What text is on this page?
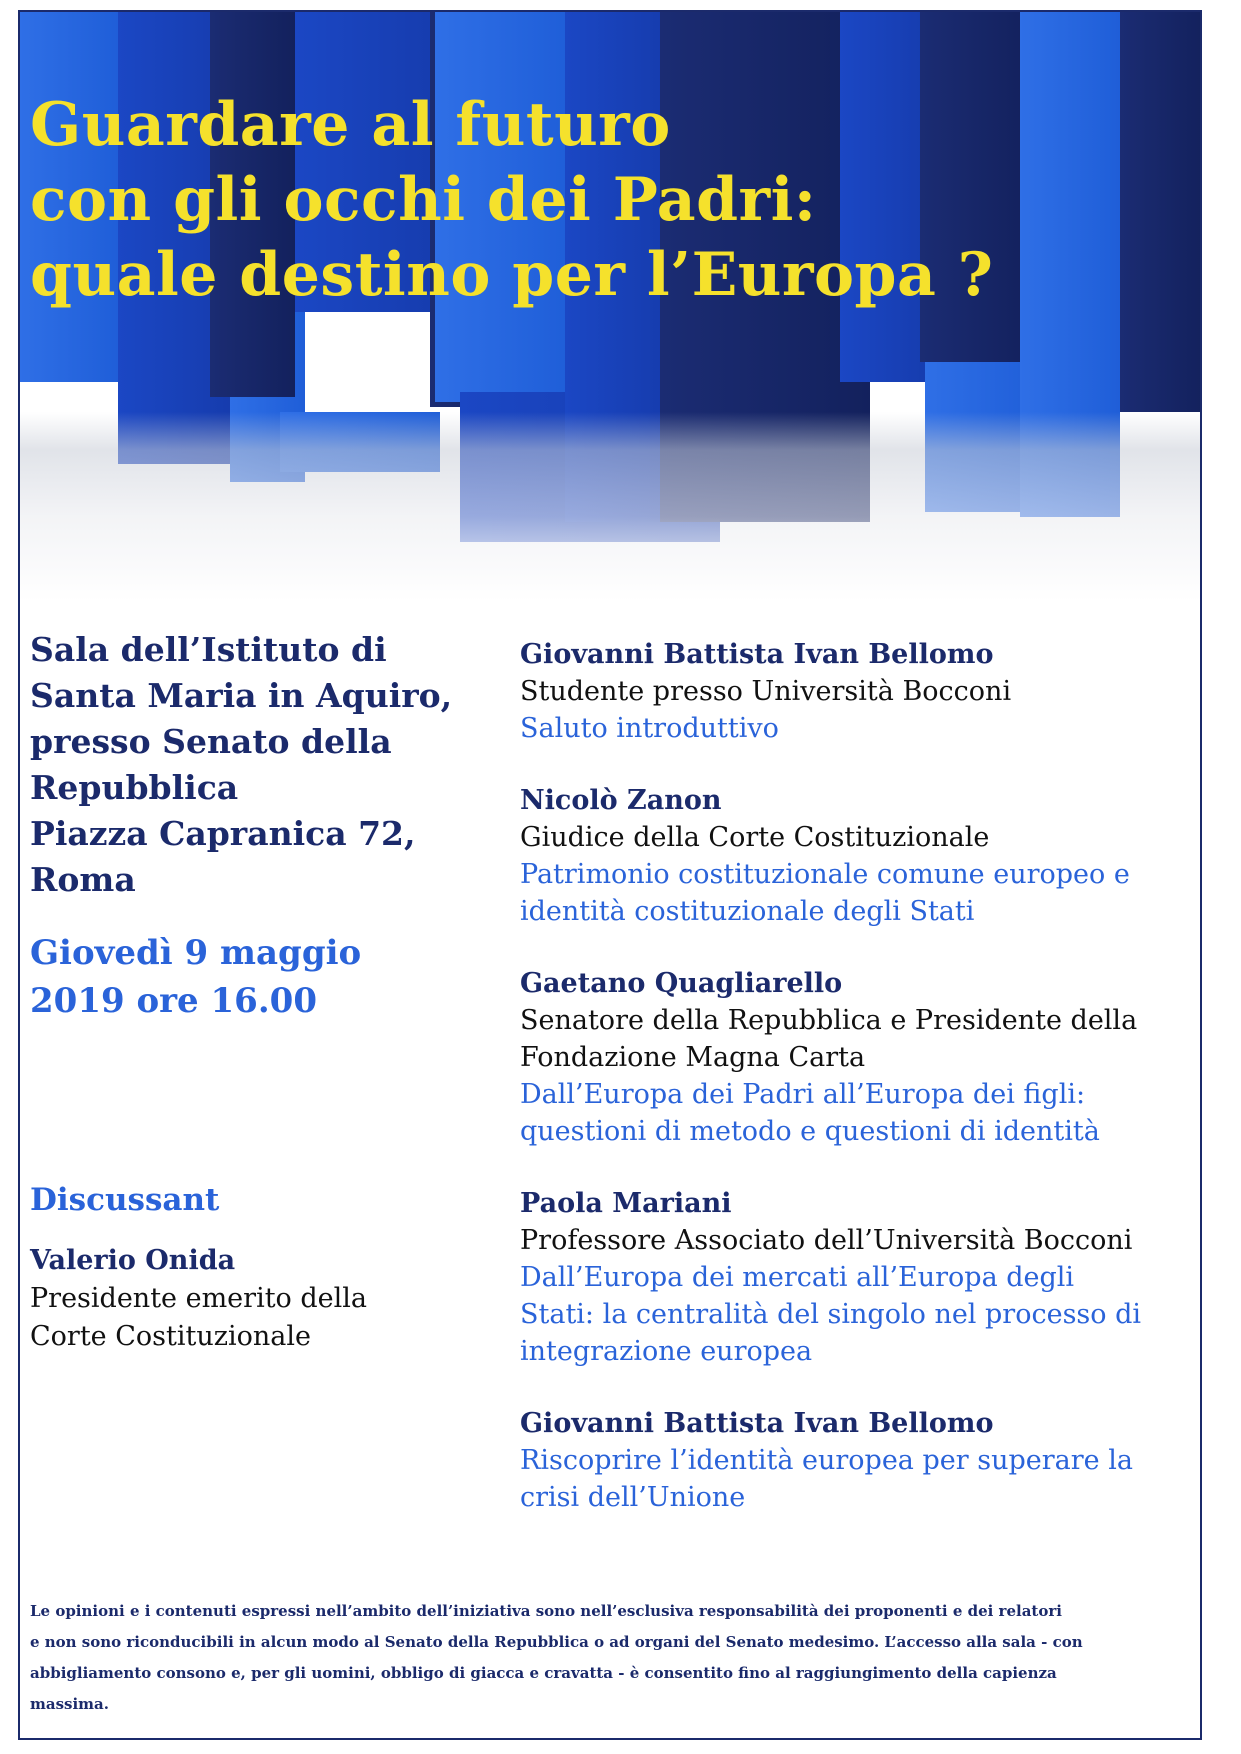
Guardare al futuro
con gli occhi dei Padri:
quale destino per l’Europa ?
Sala dell’Istituto di
Santa Maria in Aquiro,
presso Senato della
Repubblica
Piazza Capranica 72,
Roma
Giovedì 9 maggio
2019 ore 16.00
Discussant
Valerio Onida
Presidente emerito della
Corte Costituzionale
Giovanni Battista Ivan Bellomo
Studente presso Università Bocconi
Saluto introduttivo
Nicolò Zanon
Giudice della Corte Costituzionale
Patrimonio costituzionale comune europeo e
identità costituzionale degli Stati
Gaetano Quagliarello
Senatore della Repubblica e Presidente della
Fondazione Magna Carta
Dall’Europa dei Padri all’Europa dei figli:
questioni di metodo e questioni di identità
Paola Mariani
Professore Associato dell’Università Bocconi
Dall’Europa dei mercati all’Europa degli
Stati: la centralità del singolo nel processo di
integrazione europea
Giovanni Battista Ivan Bellomo
Riscoprire l’identità europea per superare la
crisi dell’Unione
Le opinioni e i contenuti espressi nell’ambito dell’iniziativa sono nell’esclusiva responsabilità dei proponenti e dei relatori
e non sono riconducibili in alcun modo al Senato della Repubblica o ad organi del Senato medesimo. L’accesso alla sala - con
abbigliamento consono e, per gli uomini, obbligo di giacca e cravatta - è consentito fino al raggiungimento della capienza
massima.
